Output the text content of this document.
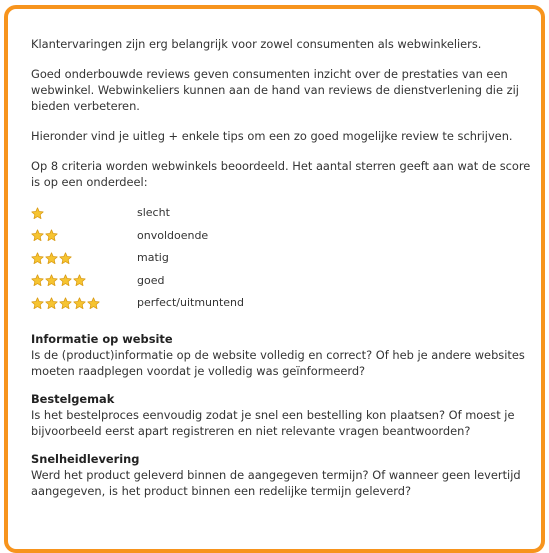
Klantervaringen zijn erg belangrijk voor zowel consumenten als webwinkeliers.

Goed onderbouwde reviews geven consumenten inzicht over de prestaties van een webwinkel. Webwinkeliers kunnen aan de hand van reviews de dienstverlening die zij bieden verbeteren.

Hieronder vind je uitleg + enkele tips om een zo goed mogelijke review te schrijven.

Op 8 criteria worden webwinkels beoordeeld. Het aantal sterren geeft aan wat de score is op een onderdeel:

slecht
onvoldoende
matig
goed
perfect/uitmuntend
Informatie op website
Is de (product)informatie op de website volledig en correct? Of heb je andere websites moeten raadplegen voordat je volledig was geïnformeerd?
Bestelgemak
Is het bestelproces eenvoudig zodat je snel een bestelling kon plaatsen? Of moest je bijvoorbeeld eerst apart registreren en niet relevante vragen beantwoorden?
Snelheidlevering
Werd het product geleverd binnen de aangegeven termijn? Of wanneer geen levertijd aangegeven, is het product binnen een redelijke termijn geleverd?
